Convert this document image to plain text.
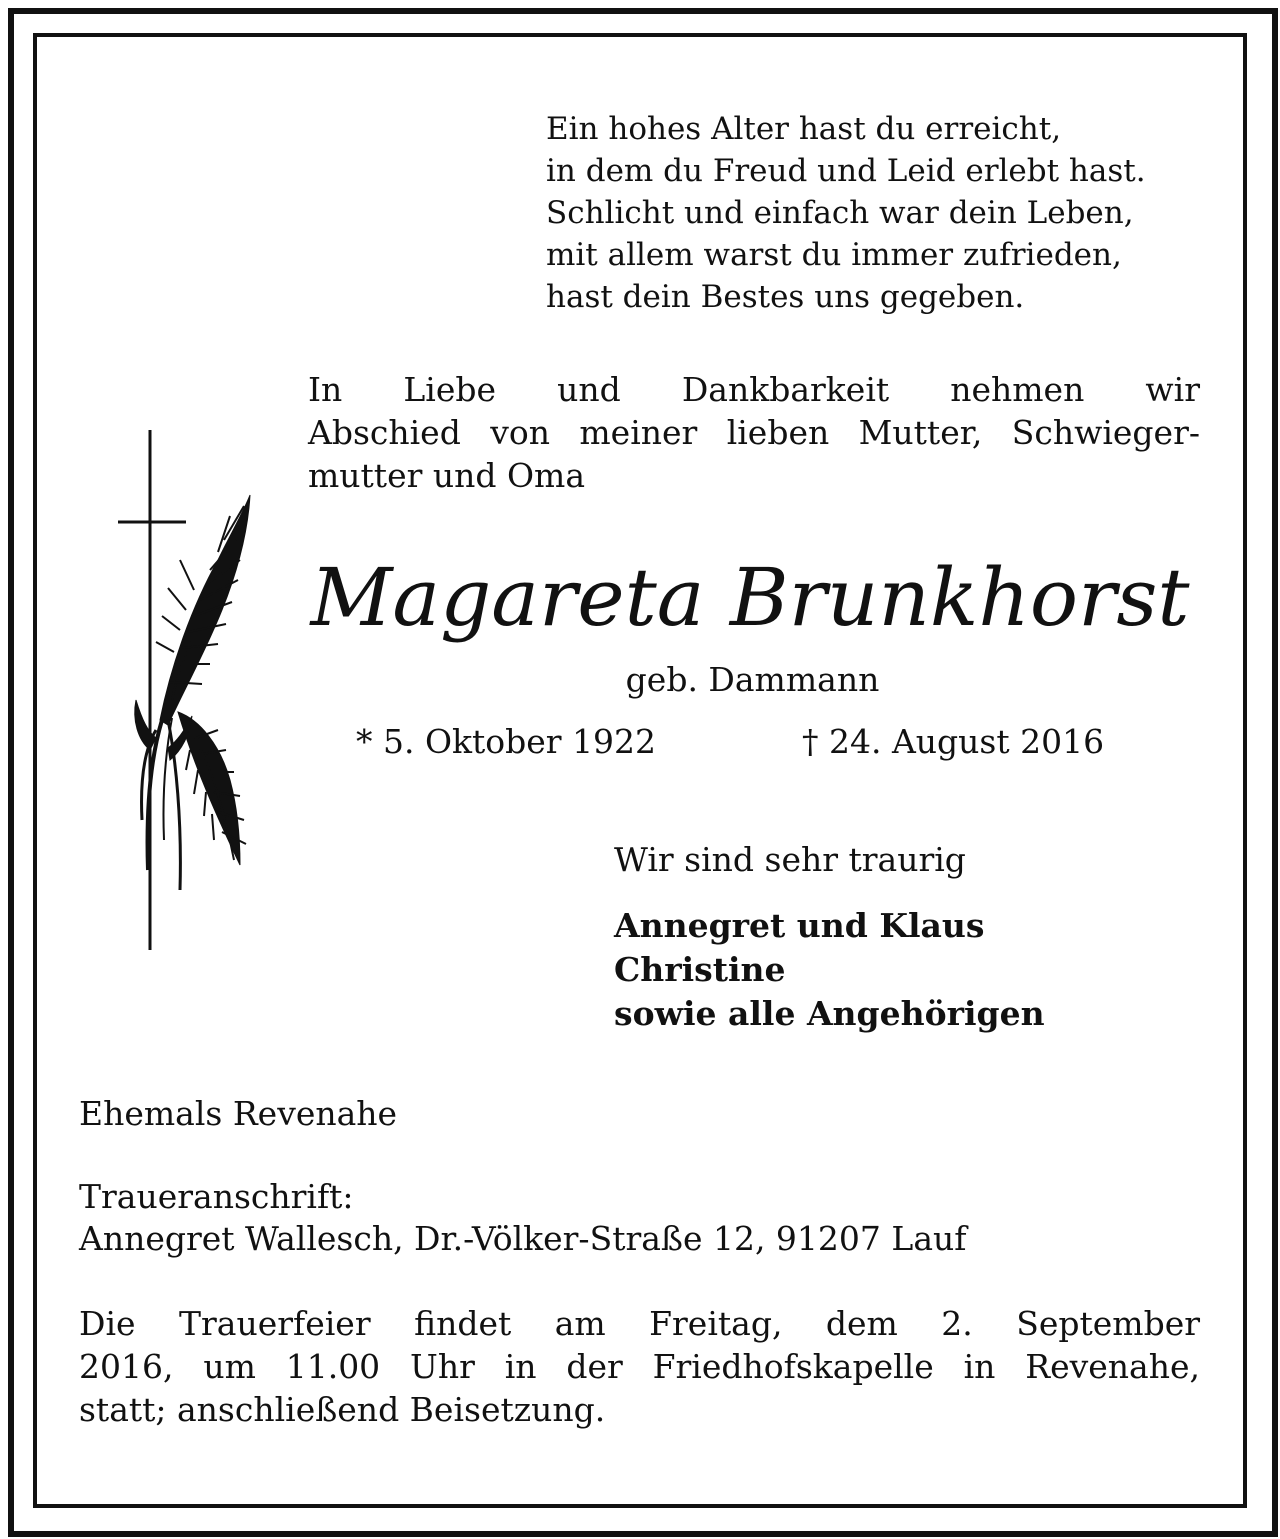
Ein hohes Alter hast du erreicht,
in dem du Freud und Leid erlebt hast.
Schlicht und einfach war dein Leben,
mit allem warst du immer zufrieden,
hast dein Bestes uns gegeben.
In Liebe und Dankbarkeit nehmen wir
Abschied von meiner lieben Mutter, Schwieger-
mutter und Oma
Magareta Brunkhorst
geb. Dammann
* 5. Oktober 1922	† 24. August 2016
Wir sind sehr traurig
Annegret und Klaus
Christine
sowie alle Angehörigen
Ehemals Revenahe
Traueranschrift:
Annegret Wallesch, Dr.-Völker-Straße 12, 91207 Lauf
Die Trauerfeier findet am Freitag, dem 2. September
2016, um 11.00 Uhr in der Friedhofskapelle in Revenahe,
statt; anschließend Beisetzung.
